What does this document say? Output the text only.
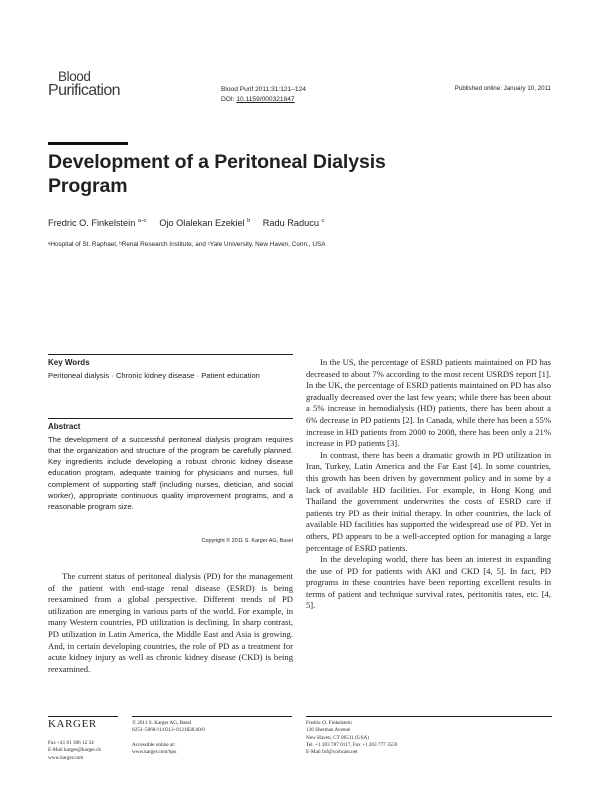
Blood
Purification	Blood Purif 2011;31:121–124
DOI: 10.1159/000321847
Published online: January 10, 2011
Development of a Peritoneal Dialysis Program
Fredric O. Finkelstein $^{a-c}$ Ojo Olalekan Ezekiel $^b$ Radu Raducu $^c$
ᵃHospital of St. Raphael, ᵇRenal Research Institute, and ᶜYale University, New Haven, Conn., USA
Key Words
Peritoneal dialysis · Chronic kidney disease · Patient education
Abstract
The development of a successful peritoneal dialysis program requires that the organization and structure of the program be carefully planned. Key ingredients include developing a robust chronic kidney disease education program, adequate training for physicians and nurses, full complement of supporting staff (including nurses, dietician, and social worker), appropriate continuous quality improvement programs, and a reasonable program size.
Copyright © 2011 S. Karger AG, Basel

The current status of peritoneal dialysis (PD) for the management of the patient with end-stage renal disease (ESRD) is being reexamined from a global perspective. Different trends of PD utilization are emerging in various parts of the world. For example, in many Western countries, PD utilization is declining. In sharp contrast, PD utilization in Latin America, the Middle East and Asia is growing. And, in certain developing countries, the role of PD as a treatment for acute kidney injury as well as chronic kidney disease (CKD) is being reexamined.

In the US, the percentage of ESRD patients maintained on PD has decreased to about 7% according to the most recent USRDS report [1]. In the UK, the percentage of ESRD patients maintained on PD has also gradually decreased over the last few years; while there has been about a 5% increase in hemodialysis (HD) patients, there has been about a 6% decrease in PD patients [2]. In Canada, while there has been a 55% increase in HD patients from 2000 to 2008, there has been only a 21% increase in PD patients [3].

In contrast, there has been a dramatic growth in PD utilization in Iran, Turkey, Latin America and the Far East [4]. In some countries, this growth has been driven by government policy and in some by a lack of available HD facilities. For example, in Hong Kong and Thailand the government underwrites the costs of ESRD care if patients try PD as their initial therapy. In other countries, the lack of available HD facilities has supported the widespread use of PD. Yet in others, PD appears to be a well-accepted option for managing a large percentage of ESRD patients.

In the developing world, there has been an interest in expanding the use of PD for patients with AKI and CKD [4, 5]. In fact, PD programs in these countries have been reporting excellent results in terms of patient and technique survival rates, peritonitis rates, etc. [4, 5].

KARGER
Fax +41 61 306 12 34
E-Mail karger@karger.ch
www.karger.com
© 2011 S. Karger AG, Basel
0253–5068/11/0313–0121$38.00/0

Accessible online at:
www.karger.com/bpu
Fredric O. Finkelstein
136 Sherman Avenue
New Haven, CT 06511 (USA)
Tel. +1 203 787 0117, Fax +1 203 777 3559
E-Mail fof@comcast.net
